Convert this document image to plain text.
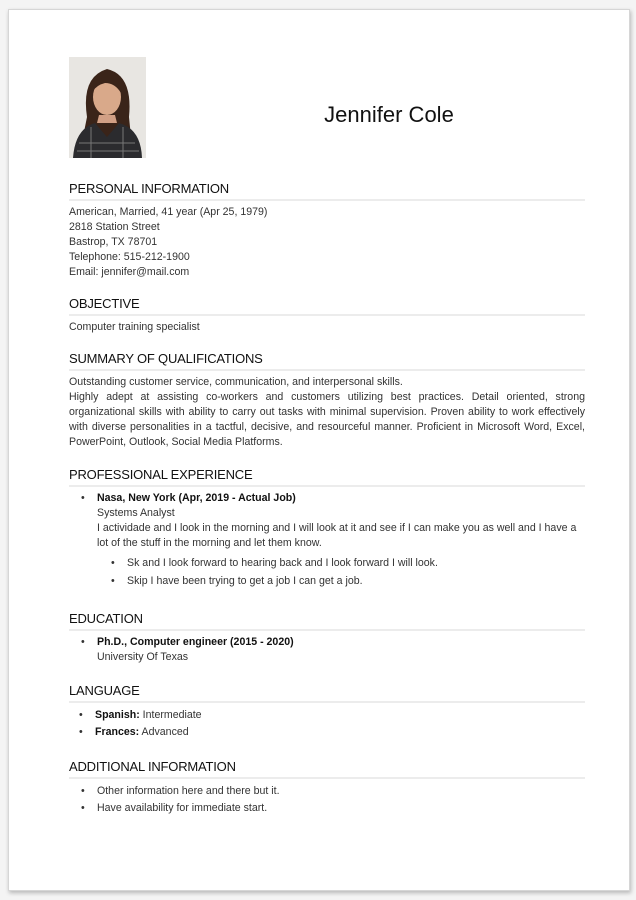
Jennifer Cole
PERSONAL INFORMATION
American, Married, 41 year (Apr 25, 1979)
2818 Station Street
Bastrop, TX 78701
Telephone: 515-212-1900
Email: jennifer@mail.com
OBJECTIVE
Computer training specialist
SUMMARY OF QUALIFICATIONS
Outstanding customer service, communication, and interpersonal skills.
Highly adept at assisting co-workers and customers utilizing best practices. Detail oriented, strong organizational skills with ability to carry out tasks with minimal supervision. Proven ability to work effectively with diverse personalities in a tactful, decisive, and resourceful manner. Proficient in Microsoft Word, Excel, PowerPoint, Outlook, Social Media Platforms.
PROFESSIONAL EXPERIENCE
• Nasa, New York (Apr, 2019 - Actual Job)
Systems Analyst
I actividade and I look in the morning and I will look at it and see if I can make you as well and I have a lot of the stuff in the morning and let them know.
• Sk and I look forward to hearing back and I look forward I will look.
• Skip I have been trying to get a job I can get a job.
EDUCATION
• Ph.D., Computer engineer (2015 - 2020)
University Of Texas
LANGUAGE
• Spanish: Intermediate
• Frances: Advanced
ADDITIONAL INFORMATION
• Other information here and there but it.
• Have availability for immediate start.
